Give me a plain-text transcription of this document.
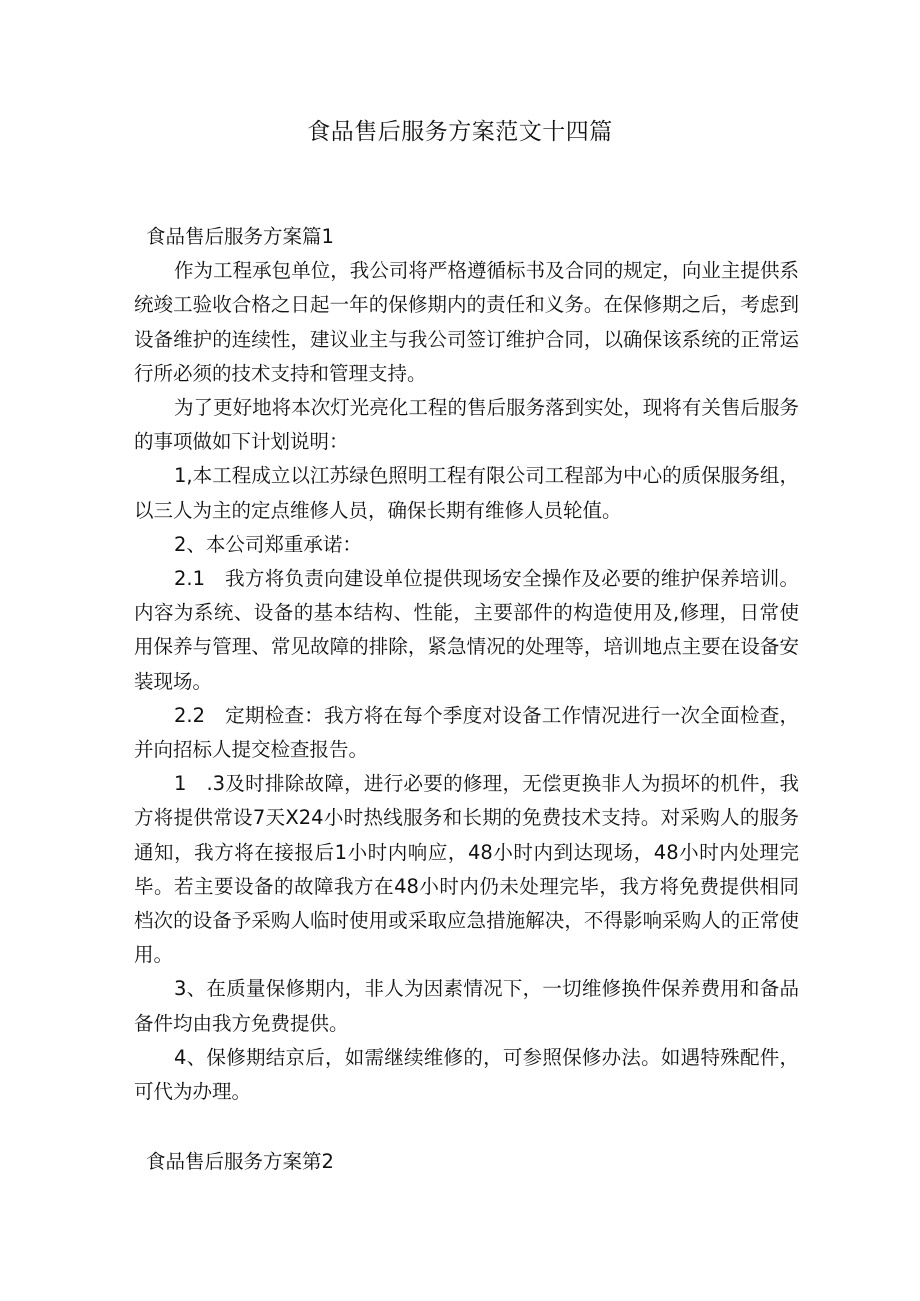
食品售后服务方案范文十四篇
食品售后服务方案篇1

作为工程承包单位，我公司将严格遵循标书及合同的规定，向业主提供系统竣工验收合格之日起一年的保修期内的责任和义务。在保修期之后，考虑到设备维护的连续性，建议业主与我公司签订维护合同，以确保该系统的正常运行所必须的技术支持和管理支持。

为了更好地将本次灯光亮化工程的售后服务落到实处，现将有关售后服务的事项做如下计划说明：

1,本工程成立以江苏绿色照明工程有限公司工程部为中心的质保服务组，以三人为主的定点维修人员，确保长期有维修人员轮值。

2、本公司郑重承诺：

2.1　我方将负责向建设单位提供现场安全操作及必要的维护保养培训。内容为系统、设备的基本结构、性能，主要部件的构造使用及,修理，日常使用保养与管理、常见故障的排除，紧急情况的处理等，培训地点主要在设备安装现场。

2.2　定期检查：我方将在每个季度对设备工作情况进行一次全面检查，并向招标人提交检查报告。

1　.3及时排除故障，进行必要的修理，无偿更换非人为损坏的机件，我方将提供常设7天X24小时热线服务和长期的免费技术支持。对采购人的服务通知，我方将在接报后1小时内响应，48小时内到达现场，48小时内处理完毕。若主要设备的故障我方在48小时内仍未处理完毕，我方将免费提供相同档次的设备予采购人临时使用或采取应急措施解决，不得影响采购人的正常使用。

3、在质量保修期内，非人为因素情况下，一切维修换件保养费用和备品备件均由我方免费提供。

4、保修期结京后，如需继续维修的，可参照保修办法。如遇特殊配件，可代为办理。

食品售后服务方案第2
